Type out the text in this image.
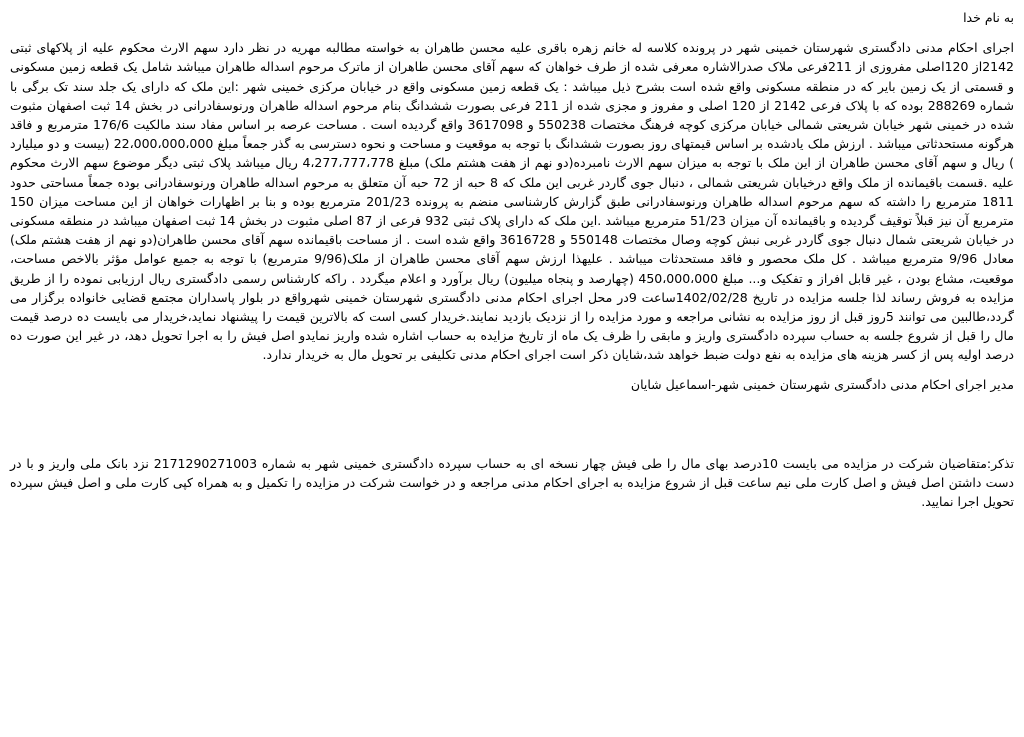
به نام خدا
اجرای احکام مدنی دادگستری شهرستان خمینی شهر در پرونده کلاسه له خانم زهره باقری علیه محسن طاهران به خواسته مطالبه مهریه در نظر دارد سهم الارث محکوم علیه از پلاکهای ثبتی 2142از 120اصلی مفروزی از 211فرعی ملاک صدرالاشاره معرفی شده از طرف خواهان که سهم آقای محسن طاهران از ماترک مرحوم اسداله طاهران میباشد شامل یک قطعه زمین مسکونی و قسمتی از یک زمین بایر که در منطقه مسکونی واقع شده است بشرح ذیل میباشد : یک قطعه زمین مسکونی واقع در خیابان مرکزی خمینی شهر :این ملک که دارای یک جلد سند تک برگی با شماره 288269 بوده که با پلاک فرعی 2142 از 120 اصلی و مفروز و مجزی شده از 211 فرعی بصورت ششدانگ بنام مرحوم اسداله طاهران ورنوسفادرانی در بخش 14 ثبت اصفهان مثبوت شده در خمینی شهر خیابان شریعتی شمالی خیابان مرکزی کوچه فرهنگ مختصات 550238 و 3617098 واقع گردیده است . مساحت عرصه بر اساس مفاد سند مالکیت 176/6 مترمربع و فاقد هرگونه مستحدثاتی میباشد . ارزش ملک یادشده بر اساس قیمتهای روز بصورت ششدانگ با توجه به موقعیت و مساحت و نحوه دسترسی به گذر جمعاً مبلغ 22،000،000،000 (بیست و دو میلیارد ) ریال و سهم آقای محسن طاهران از این ملک با توجه به میزان سهم الارث نامبرده(دو نهم از هفت هشتم ملک) مبلغ 4،277،777،778 ریال میباشد پلاک ثبتی دیگر موضوع سهم الارث محکوم علیه .قسمت باقیمانده از ملک واقع درخیابان شریعتی شمالی ، دنبال جوی گاردر غربی این ملک که 8 حبه از 72 حبه آن متعلق به مرحوم اسداله طاهران ورنوسفادرانی بوده جمعاً مساحتی حدود 1811 مترمربع را داشته که سهم مرحوم اسداله طاهران ورنوسفادرانی طبق گزارش کارشناسی منضم به پرونده 201/23 مترمربع بوده و بنا بر اظهارات خواهان از این مساحت میزان 150 مترمربع آن نیز قبلاً توقیف گردیده و باقیمانده آن میزان 51/23 مترمربع میباشد .این ملک که دارای پلاک ثبتی 932 فرعی از 87 اصلی مثبوت در بخش 14 ثبت اصفهان میباشد در منطقه مسکونی در خیابان شریعتی شمال دنبال جوی گاردر غربی نبش کوچه وصال مختصات 550148 و 3616728 واقع شده است . از مساحت باقیمانده سهم آقای محسن طاهران(دو نهم از هفت هشتم ملک) معادل 9/96 مترمربع میباشد . کل ملک محصور و فاقد مستحدثات میباشد . علیهذا ارزش سهم آقای محسن طاهران از ملک(9/96 مترمربع) با توجه به جمیع عوامل مؤثر بالاخص مساحت، موقعیت، مشاع بودن ، غیر قابل افراز و تفکیک و... مبلغ 450،000،000 (چهارصد و پنجاه میلیون) ریال برآورد و اعلام میگردد . راکه کارشناس رسمی دادگستری ریال ارزیابی نموده را از طریق مزایده به فروش رساند لذا جلسه مزایده در تاریخ 1402/02/28ساعت 9در محل اجرای احکام مدنی دادگستری شهرستان خمینی شهرواقع در بلوار پاسداران مجتمع قضایی خانواده برگزار می گردد،طالبین می توانند 5روز قبل از روز مزایده به نشانی مراجعه و مورد مزایده را از نزدیک بازدید نمایند.خریدار کسی است که بالاترین قیمت را پیشنهاد نماید،خریدار می بایست ده درصد قیمت مال را قبل از شروع جلسه به حساب سپرده دادگستری واریز و مابقی را ظرف یک ماه از تاریخ مزایده به حساب اشاره شده واریز نمایدو اصل فیش را به اجرا تحویل دهد، در غیر این صورت ده درصد اولیه پس از کسر هزینه های مزایده به نفع دولت ضبط خواهد شد،شایان ذکر است اجرای احکام مدنی تکلیفی بر تحویل مال به خریدار ندارد.
مدیر اجرای احکام مدنی دادگستری شهرستان خمینی شهر-اسماعیل شایان
تذکر:متقاضیان شرکت در مزایده می بایست 10درصد بهای مال را طی فیش چهار نسخه ای به حساب سپرده دادگستری خمینی شهر به شماره 2171290271003 نزد بانک ملی واریز و با در دست داشتن اصل فیش و اصل کارت ملی نیم ساعت قبل از شروع مزایده به اجرای احکام مدنی مراجعه و در خواست شرکت در مزایده را تکمیل و به همراه کپی کارت ملی و اصل فیش سپرده تحویل اجرا نمایید.
